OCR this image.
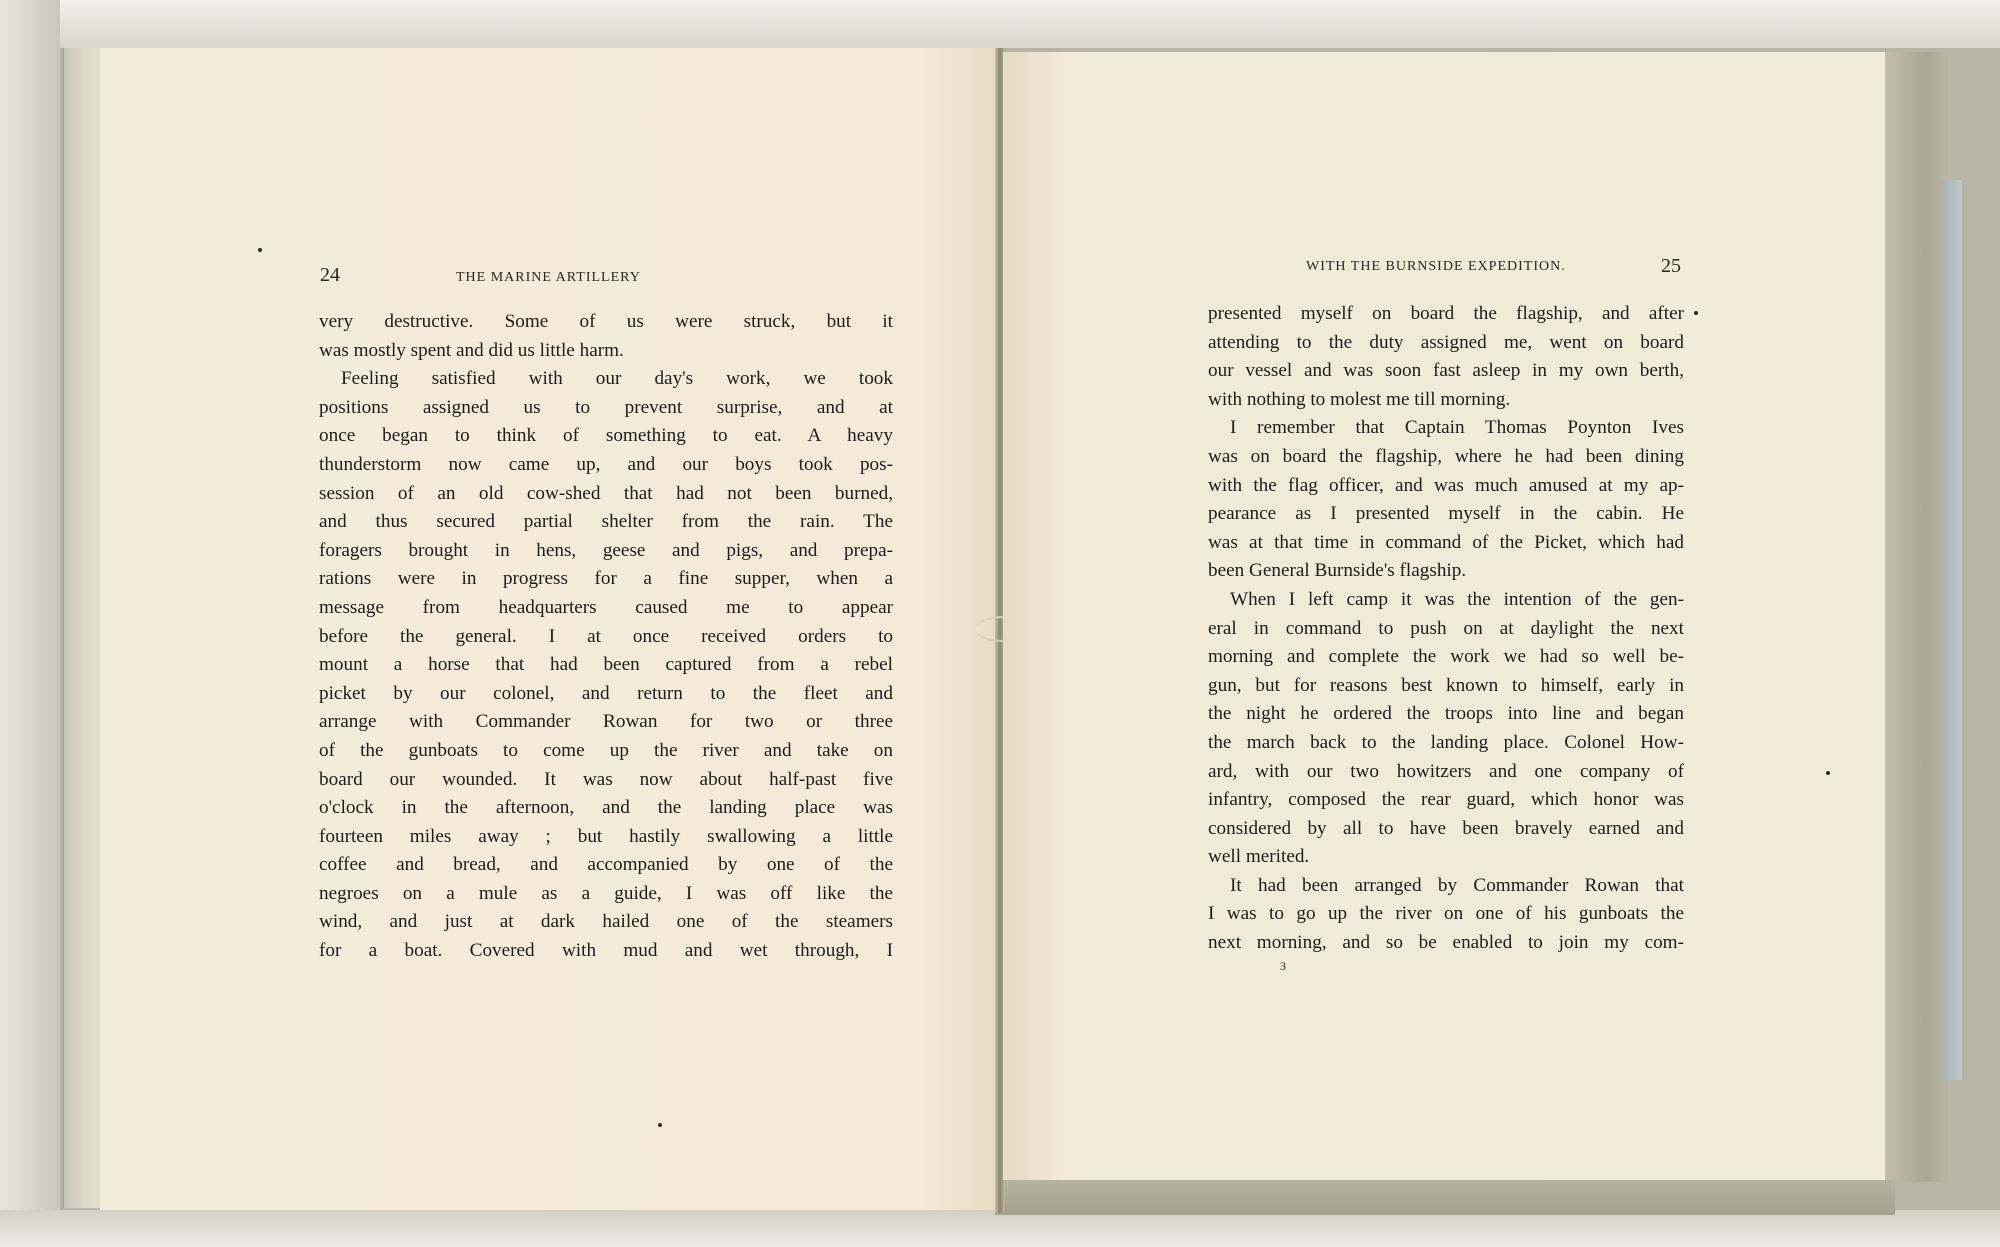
24	THE MARINE ARTILLERY
very destructive. Some of us were struck, but it
was mostly spent and did us little harm.
Feeling satisfied with our day's work, we took
positions assigned us to prevent surprise, and at
once began to think of something to eat. A heavy
thunderstorm now came up, and our boys took pos-
session of an old cow-shed that had not been burned,
and thus secured partial shelter from the rain. The
foragers brought in hens, geese and pigs, and prepa-
rations were in progress for a fine supper, when a
message from headquarters caused me to appear
before the general. I at once received orders to
mount a horse that had been captured from a rebel
picket by our colonel, and return to the fleet and
arrange with Commander Rowan for two or three
of the gunboats to come up the river and take on
board our wounded. It was now about half-past five
o'clock in the afternoon, and the landing place was
fourteen miles away ; but hastily swallowing a little
coffee and bread, and accompanied by one of the
negroes on a mule as a guide, I was off like the
wind, and just at dark hailed one of the steamers
for a boat. Covered with mud and wet through, I
WITH THE BURNSIDE EXPEDITION.	25
presented myself on board the flagship, and after
attending to the duty assigned me, went on board
our vessel and was soon fast asleep in my own berth,
with nothing to molest me till morning.
I remember that Captain Thomas Poynton Ives
was on board the flagship, where he had been dining
with the flag officer, and was much amused at my ap-
pearance as I presented myself in the cabin. He
was at that time in command of the Picket, which had
been General Burnside's flagship.
When I left camp it was the intention of the gen-
eral in command to push on at daylight the next
morning and complete the work we had so well be-
gun, but for reasons best known to himself, early in
the night he ordered the troops into line and began
the march back to the landing place. Colonel How-
ard, with our two howitzers and one company of
infantry, composed the rear guard, which honor was
considered by all to have been bravely earned and
well merited.
It had been arranged by Commander Rowan that
I was to go up the river on one of his gunboats the
next morning, and so be enabled to join my com-
3
